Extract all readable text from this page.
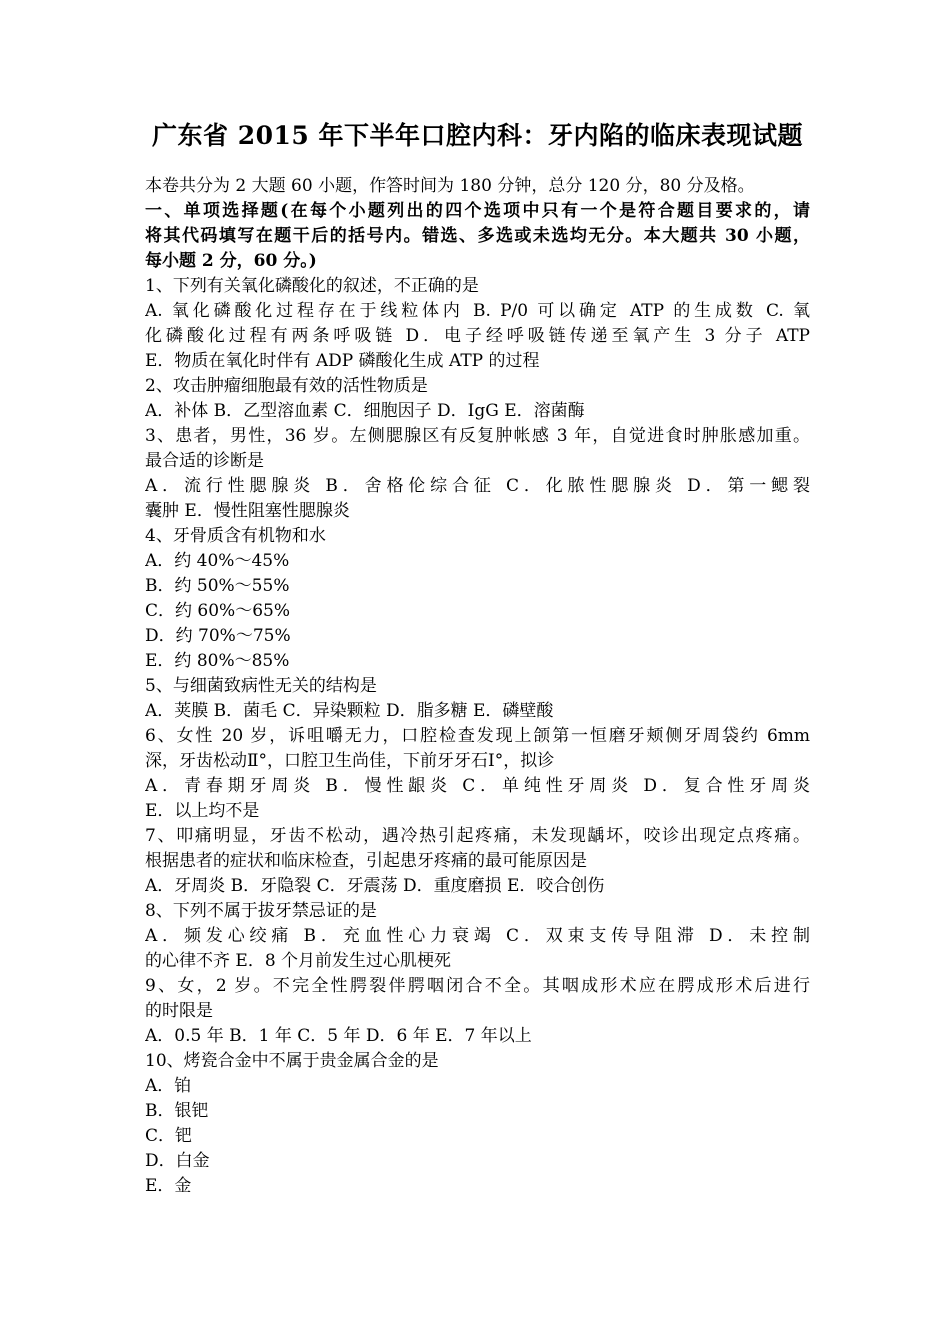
广东省 2015 年下半年口腔内科：牙内陷的临床表现试题
本卷共分为 2 大题 60 小题，作答时间为 180 分钟，总分 120 分，80 分及格。
一、单项选择题(在每个小题列出的四个选项中只有一个是符合题目要求的，请
将其代码填写在题干后的括号内。错选、多选或未选均无分。本大题共 30 小题，
每小题 2 分，60 分。)
1、下列有关氧化磷酸化的叙述，不正确的是
A. 氧化磷酸化过程存在于线粒体内 B. P/0 可以确定 ATP 的生成数 C. 氧
化磷酸化过程有两条呼吸链 D．电子经呼吸链传递至氧产生 3 分子 ATP
E．物质在氧化时伴有 ADP 磷酸化生成 ATP 的过程
2、攻击肿瘤细胞最有效的活性物质是
A．补体 B．乙型溶血素 C．细胞因子 D．IgG E．溶菌酶
3、患者，男性，36 岁。左侧腮腺区有反复肿帐感 3 年，自觉进食时肿胀感加重。
最合适的诊断是
A．流行性腮腺炎 B．舍格伦综合征 C．化脓性腮腺炎 D．第一鳃裂
囊肿 E．慢性阻塞性腮腺炎
4、牙骨质含有机物和水
A．约 40%～45%
B．约 50%～55%
C．约 60%～65%
D．约 70%～75%
E．约 80%～85%
5、与细菌致病性无关的结构是
A．荚膜 B．菌毛 C．异染颗粒 D．脂多糖 E．磷壁酸
6、女性 20 岁，诉咀嚼无力，口腔检查发现上颌第一恒磨牙颊侧牙周袋约 6mm
深，牙齿松动Ⅱ°，口腔卫生尚佳，下前牙牙石Ⅰ°，拟诊
A．青春期牙周炎 B．慢性龈炎 C．单纯性牙周炎 D．复合性牙周炎
E．以上均不是
7、叩痛明显，牙齿不松动，遇冷热引起疼痛，未发现龋坏，咬诊出现定点疼痛。
根据患者的症状和临床检查，引起患牙疼痛的最可能原因是
A．牙周炎 B．牙隐裂 C．牙震荡 D．重度磨损 E．咬合创伤
8、下列不属于拔牙禁忌证的是
A．频发心绞痛 B．充血性心力衰竭 C．双束支传导阻滞 D．未控制
的心律不齐 E．8 个月前发生过心肌梗死
9、女，2 岁。不完全性腭裂伴腭咽闭合不全。其咽成形术应在腭成形术后进行
的时限是
A．0.5 年 B．1 年 C．5 年 D．6 年 E．7 年以上
10、烤瓷合金中不属于贵金属合金的是
A．铂
B．银钯
C．钯
D．白金
E．金
